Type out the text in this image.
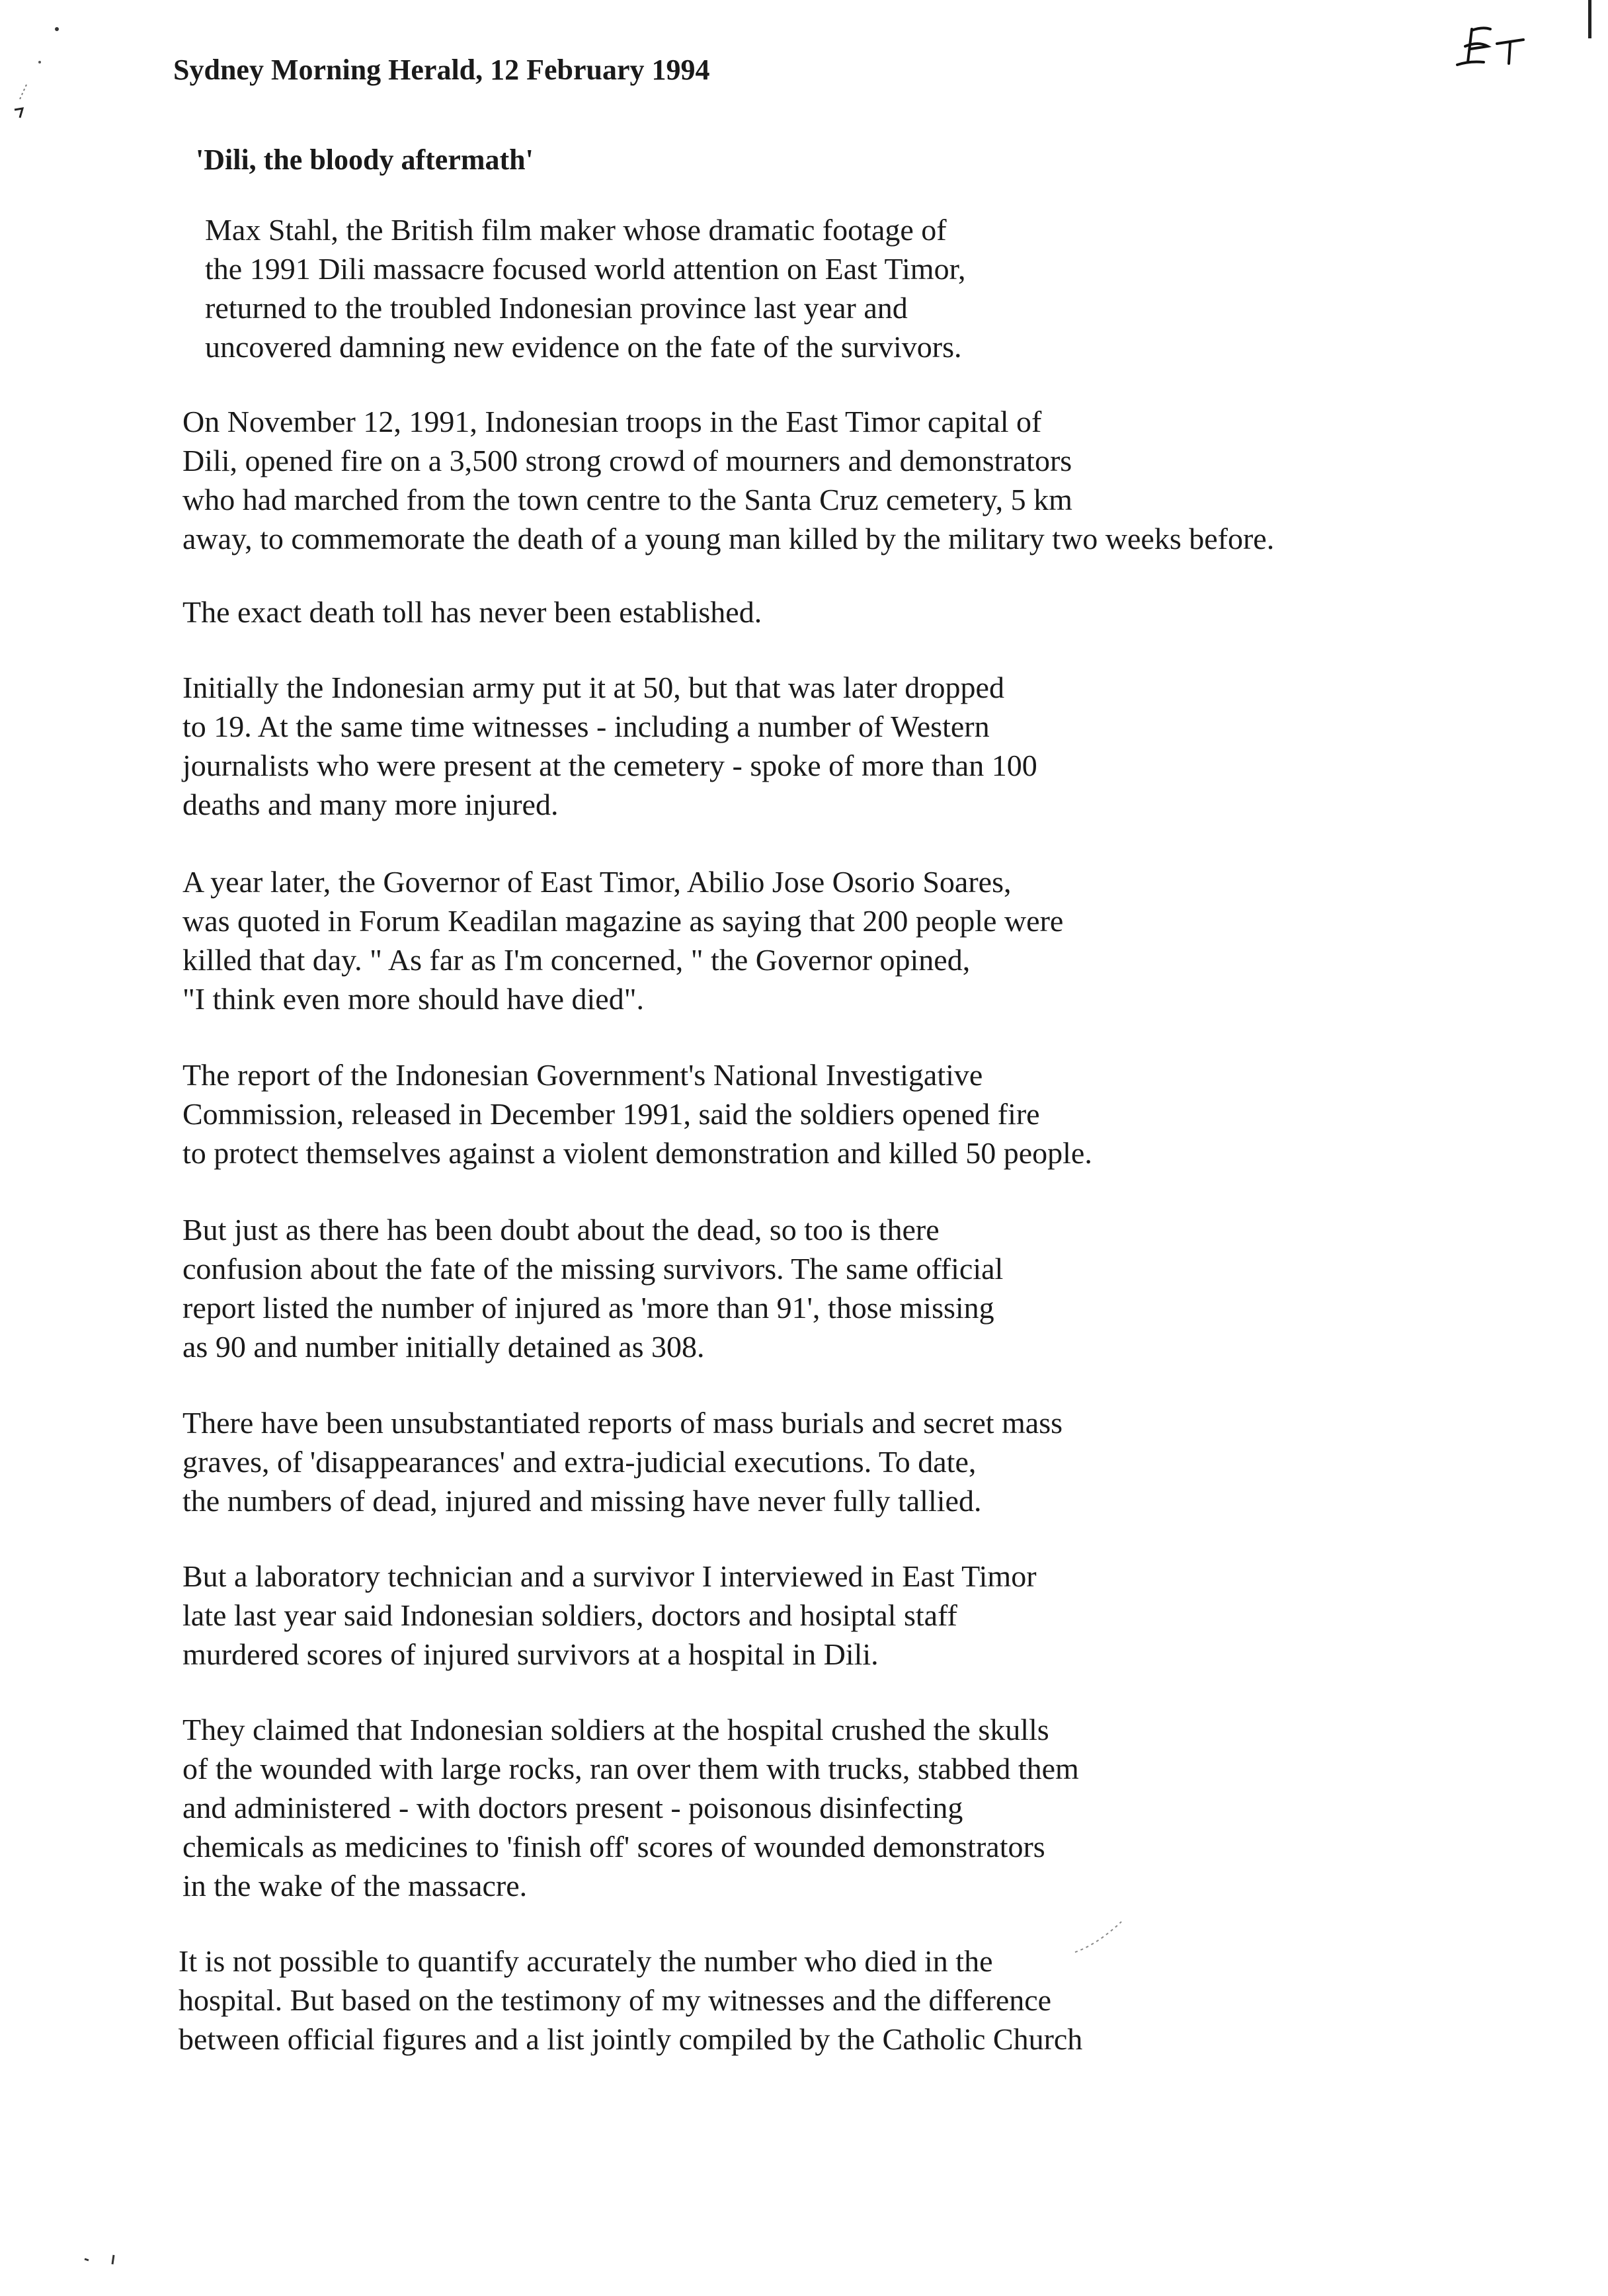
Sydney Morning Herald, 12 February 1994
'Dili, the bloody aftermath'
Max Stahl, the British film maker whose dramatic footage of
the 1991 Dili massacre focused world attention on East Timor,
returned to the troubled Indonesian province last year and
uncovered damning new evidence on the fate of the survivors.
On November 12, 1991, Indonesian troops in the East Timor capital of
Dili, opened fire on a 3,500 strong crowd of mourners and demonstrators
who had marched from the town centre to the Santa Cruz cemetery, 5 km
away, to commemorate the death of a young man killed by the military two weeks before.
The exact death toll has never been established.
Initially the Indonesian army put it at 50, but that was later dropped
to 19. At the same time witnesses - including a number of Western
journalists who were present at the cemetery - spoke of more than 100
deaths and many more injured.
A year later, the Governor of East Timor, Abilio Jose Osorio Soares,
was quoted in Forum Keadilan magazine as saying that 200 people were
killed that day. " As far as I'm concerned, " the Governor opined,
"I think even more should have died".
The report of the Indonesian Government's National Investigative
Commission, released in December 1991, said the soldiers opened fire
to protect themselves against a violent demonstration and killed 50 people.
But just as there has been doubt about the dead, so too is there
confusion about the fate of the missing survivors. The same official
report listed the number of injured as 'more than 91', those missing
as 90 and number initially detained as 308.
There have been unsubstantiated reports of mass burials and secret mass
graves, of 'disappearances' and extra-judicial executions. To date,
the numbers of dead, injured and missing have never fully tallied.
But a laboratory technician and a survivor I interviewed in East Timor
late last year said Indonesian soldiers, doctors and hosiptal staff
murdered scores of injured survivors at a hospital in Dili.
They claimed that Indonesian soldiers at the hospital crushed the skulls
of the wounded with large rocks, ran over them with trucks, stabbed them
and administered - with doctors present - poisonous disinfecting
chemicals as medicines to 'finish off' scores of wounded demonstrators
in the wake of the massacre.
It is not possible to quantify accurately the number who died in the
hospital. But based on the testimony of my witnesses and the difference
between official figures and a list jointly compiled by the Catholic Church
